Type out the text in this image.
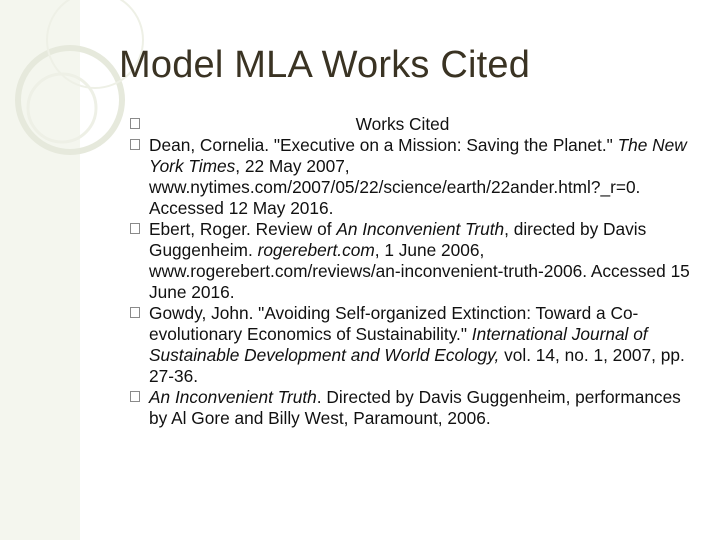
Model MLA Works Cited
Works Cited
Dean, Cornelia. "Executive on a Mission: Saving the Planet." The New York Times, 22 May 2007, www.nytimes.com/2007/05/22/science/earth/22ander.html?_r=0. Accessed 12 May 2016.
Ebert, Roger. Review of An Inconvenient Truth, directed by Davis Guggenheim. rogerebert.com, 1 June 2006, www.rogerebert.com/reviews/an-inconvenient-truth-2006. Accessed 15 June 2016.
Gowdy, John. "Avoiding Self-organized Extinction: Toward a Co-evolutionary Economics of Sustainability." International Journal of Sustainable Development and World Ecology, vol. 14, no. 1, 2007, pp. 27-36.
An Inconvenient Truth. Directed by Davis Guggenheim, performances by Al Gore and Billy West, Paramount, 2006.
